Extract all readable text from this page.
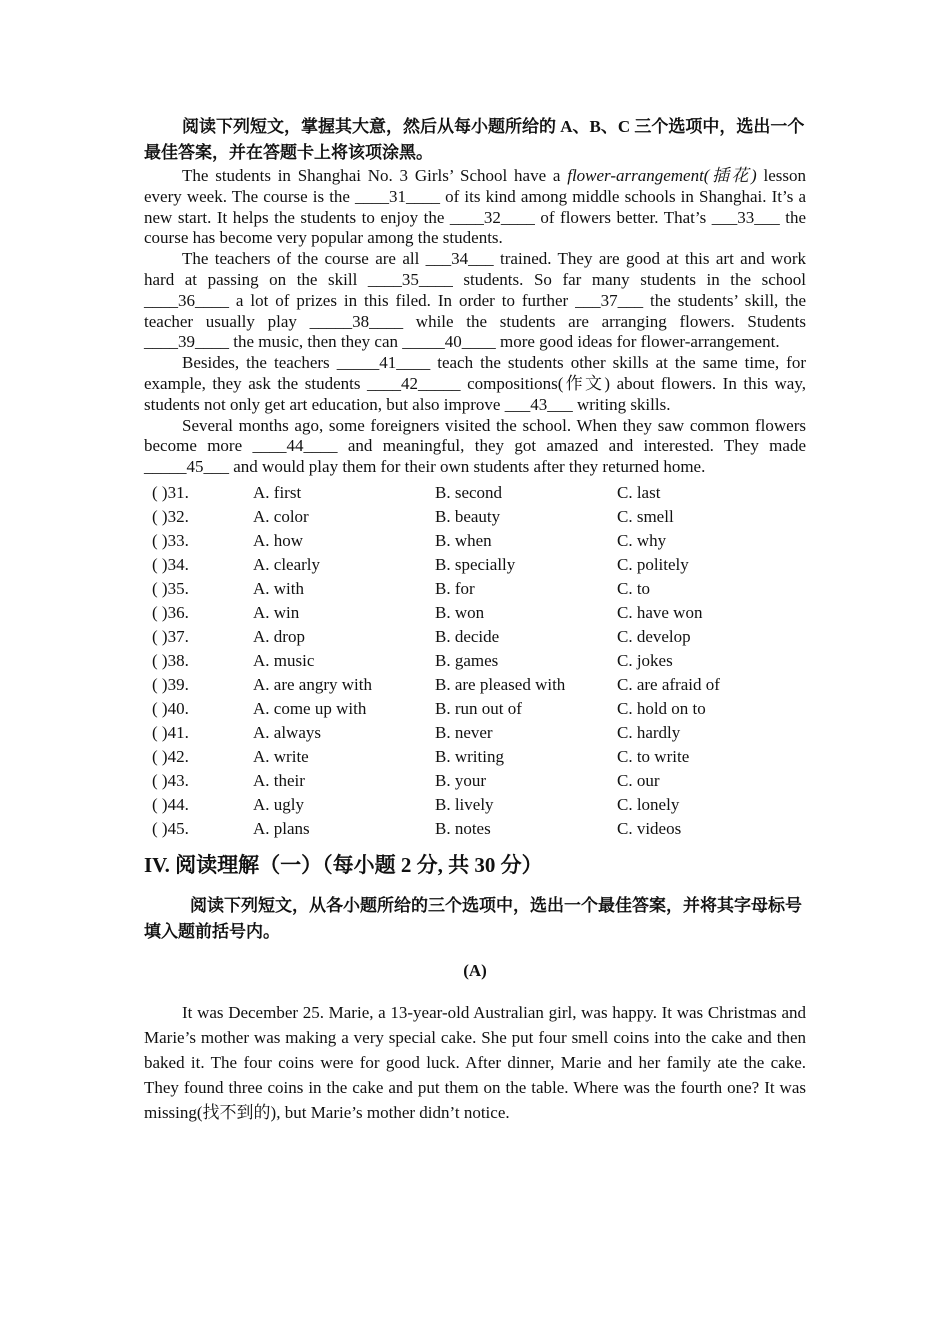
阅读下列短文，掌握其大意，然后从每小题所给的 A、B、C 三个选项中，选出一个最佳答案，并在答题卡上将该项涂黑。

The students in Shanghai No. 3 Girls’ School have a flower-arrangement(插花) lesson every week. The course is the ____31____ of its kind among middle schools in Shanghai. It’s a new start. It helps the students to enjoy the ____32____ of flowers better. That’s ___33___ the course has become very popular among the students.

The teachers of the course are all ___34___ trained. They are good at this art and work hard at passing on the skill ____35____ students. So far many students in the school ____36____ a lot of prizes in this filed. In order to further ___37___ the students’ skill, the teacher usually play _____38____ while the students are arranging flowers. Students ____39____ the music, then they can _____40____ more good ideas for flower-arrangement.

Besides, the teachers _____41____ teach the students other skills at the same time, for example, they ask the students ____42_____ compositions(作文) about flowers. In this way, students not only get art education, but also improve ___43___ writing skills.

Several months ago, some foreigners visited the school. When they saw common flowers become more ____44____ and meaningful, they got amazed and interested. They made _____45___ and would play them for their own students after they returned home.

( )31.	A. first	B. second	C. last
( )32.	A. color	B. beauty	C. smell
( )33.	A. how	B. when	C. why
( )34.	A. clearly	B. specially	C. politely
( )35.	A. with	B. for	C. to
( )36.	A. win	B. won	C. have won
( )37.	A. drop	B. decide	C. develop
( )38.	A. music	B. games	C. jokes
( )39.	A. are angry with	B. are pleased with	C. are afraid of
( )40.	A. come up with	B. run out of	C. hold on to
( )41.	A. always	B. never	C. hardly
( )42.	A. write	B. writing	C. to write
( )43.	A. their	B. your	C. our
( )44.	A. ugly	B. lively	C. lonely
( )45.	A. plans	B. notes	C. videos
IV. 阅读理解（一）（每小题 2 分, 共 30 分）

阅读下列短文，从各小题所给的三个选项中，选出一个最佳答案，并将其字母标号填入题前括号内。

(A)

It was December 25. Marie, a 13-year-old Australian girl, was happy. It was Christmas and Marie’s mother was making a very special cake. She put four smell coins into the cake and then baked it. The four coins were for good luck. After dinner, Marie and her family ate the cake. They found three coins in the cake and put them on the table. Where was the fourth one? It was missing(找不到的), but Marie’s mother didn’t notice.
